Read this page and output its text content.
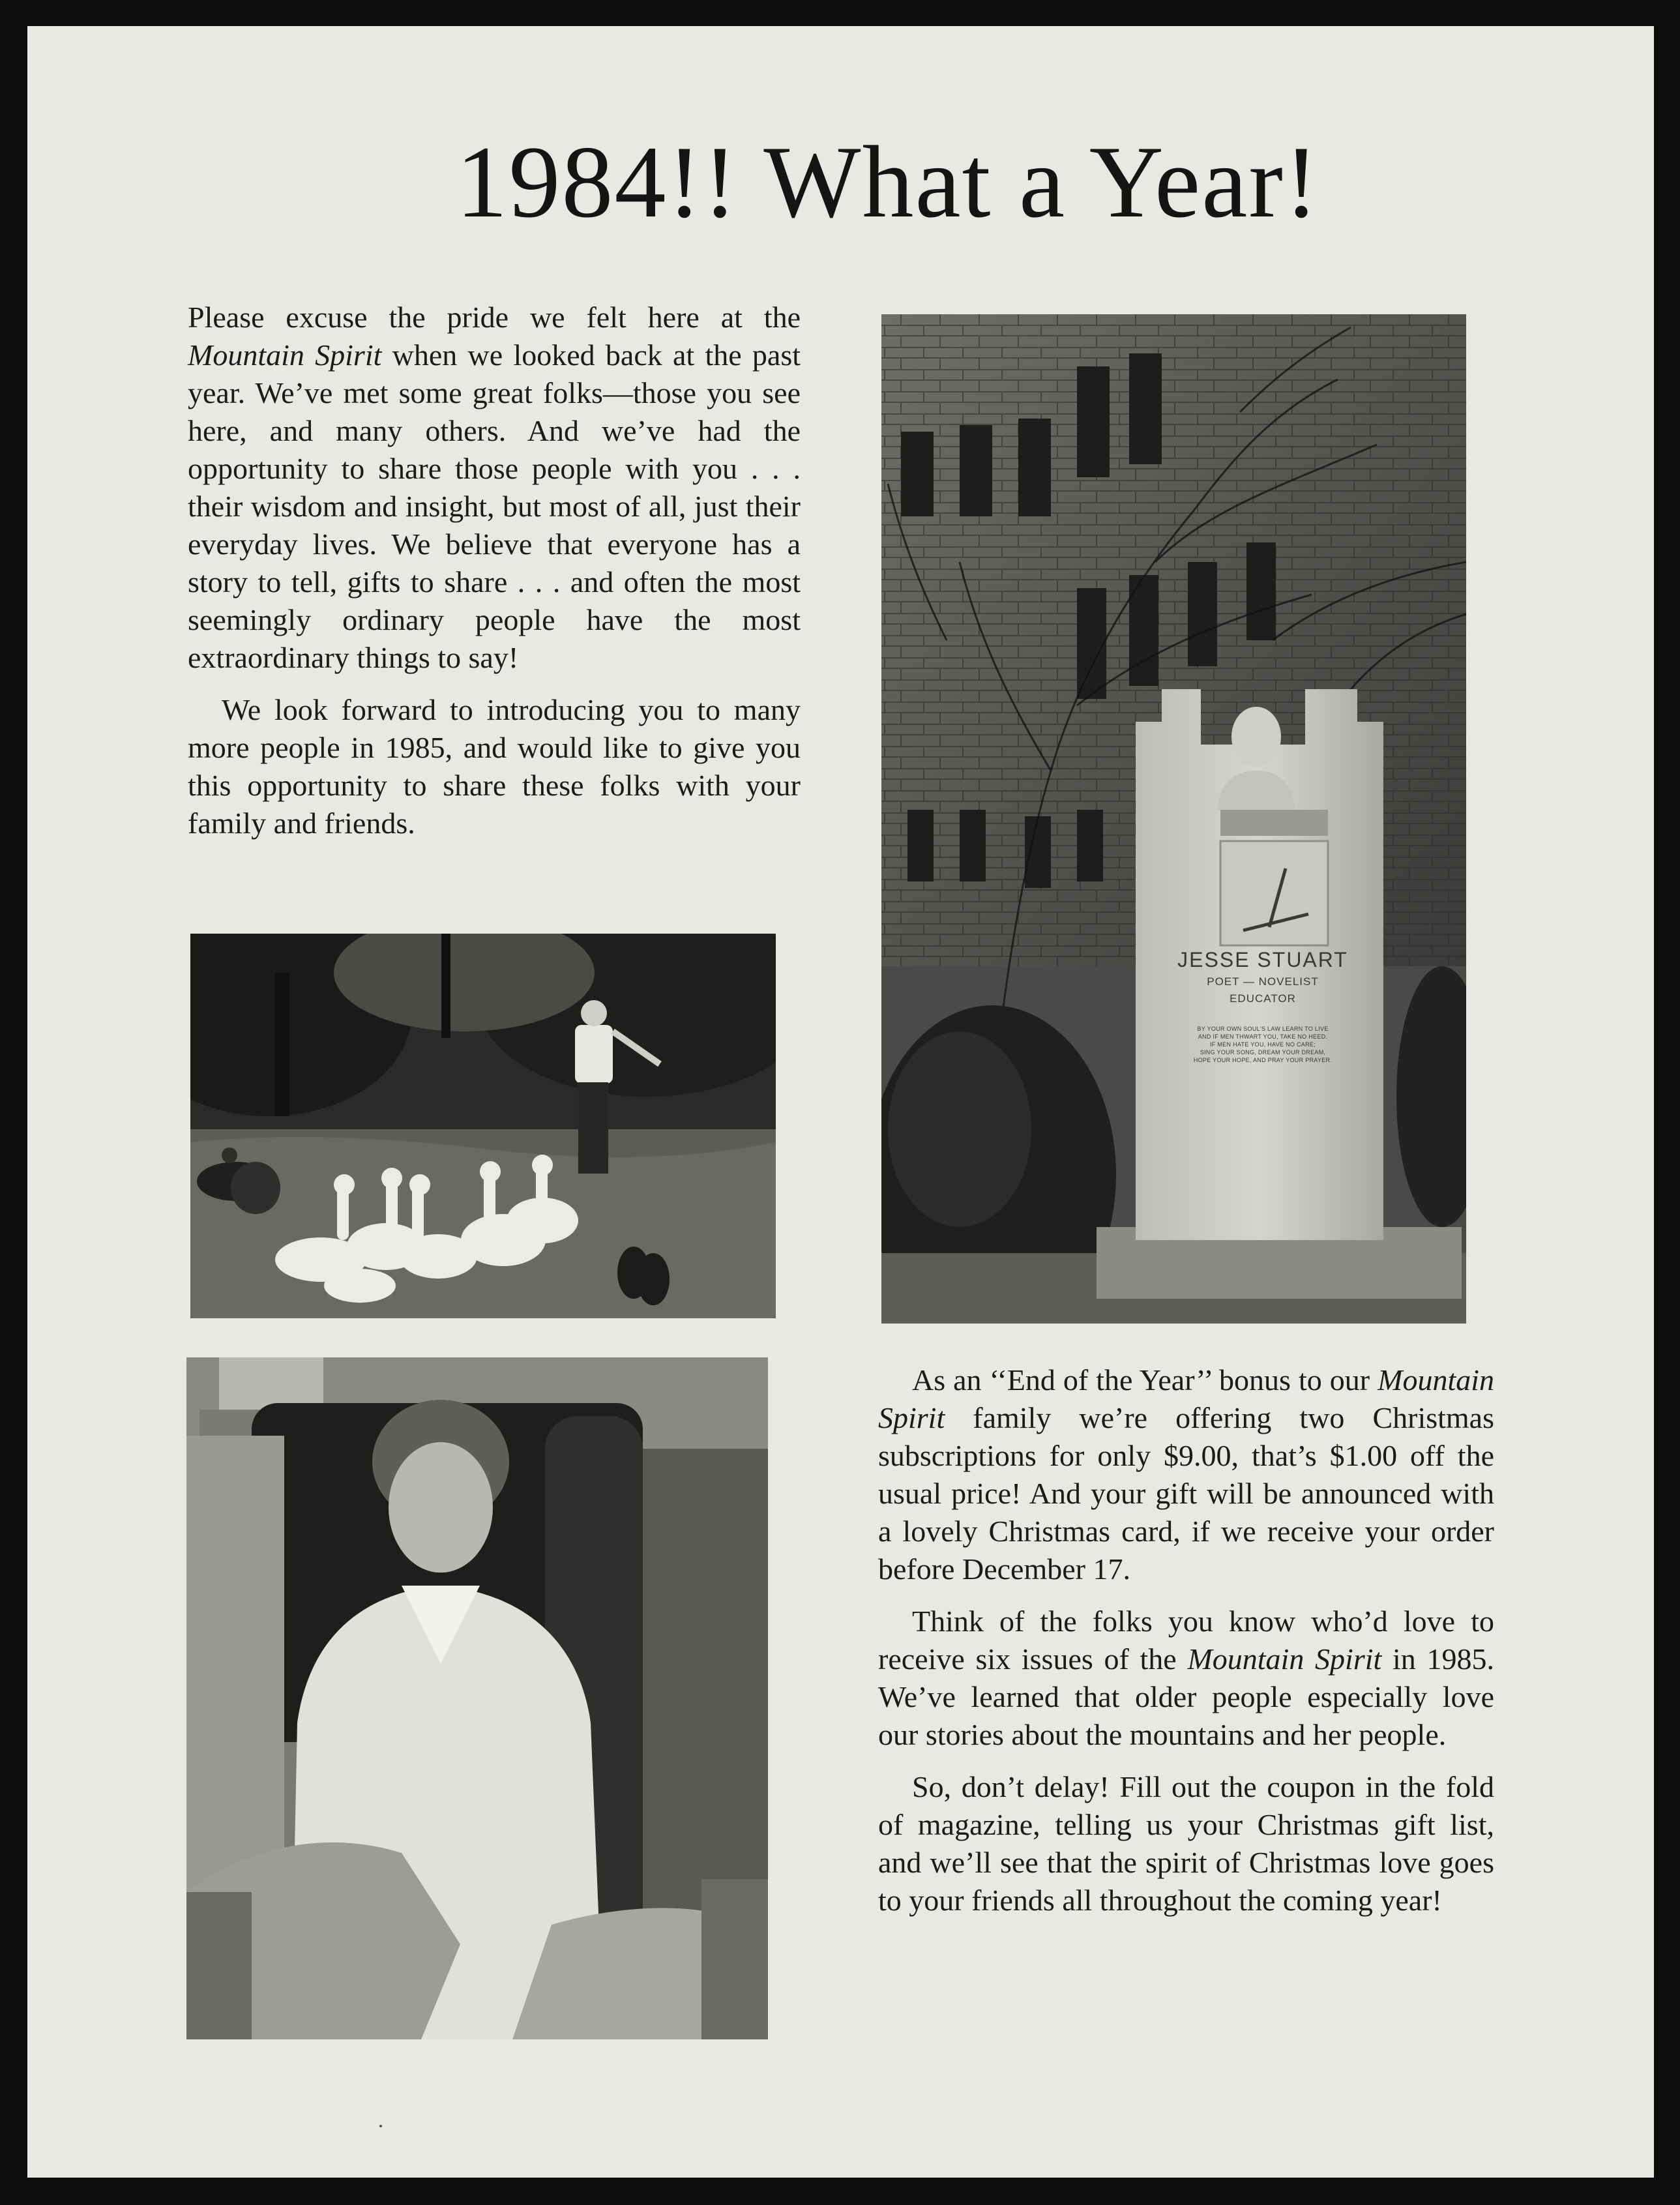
1984!! What a Year!

Please excuse the pride we felt here at the Mountain Spirit when we looked back at the past year. We’ve met some great folks—those you see here, and many others. And we’ve had the opportunity to share those people with you . . . their wisdom and insight, but most of all, just their everyday lives. We believe that everyone has a story to tell, gifts to share . . . and often the most seemingly ordinary people have the most extraordinary things to say!

We look forward to introducing you to many more people in 1985, and would like to give you this opportunity to share these folks with your family and friends.

JESSE STUART
POET — NOVELIST
EDUCATOR
BY YOUR OWN SOUL'S LAW LEARN TO LIVE
AND IF MEN THWART YOU, TAKE NO HEED.
IF MEN HATE YOU, HAVE NO CARE;
SING YOUR SONG, DREAM YOUR DREAM,
HOPE YOUR HOPE, AND PRAY YOUR PRAYER.

As an ‘‘End of the Year’’ bonus to our Mountain Spirit family we’re offering two Christmas subscriptions for only $9.00, that’s $1.00 off the usual price! And your gift will be announced with a lovely Christmas card, if we receive your order before December 17.

Think of the folks you know who’d love to receive six issues of the Mountain Spirit in 1985. We’ve learned that older people especially love our stories about the mountains and her people.

So, don’t delay! Fill out the coupon in the fold of magazine, telling us your Christmas gift list, and we’ll see that the spirit of Christmas love goes to your friends all throughout the coming year!
